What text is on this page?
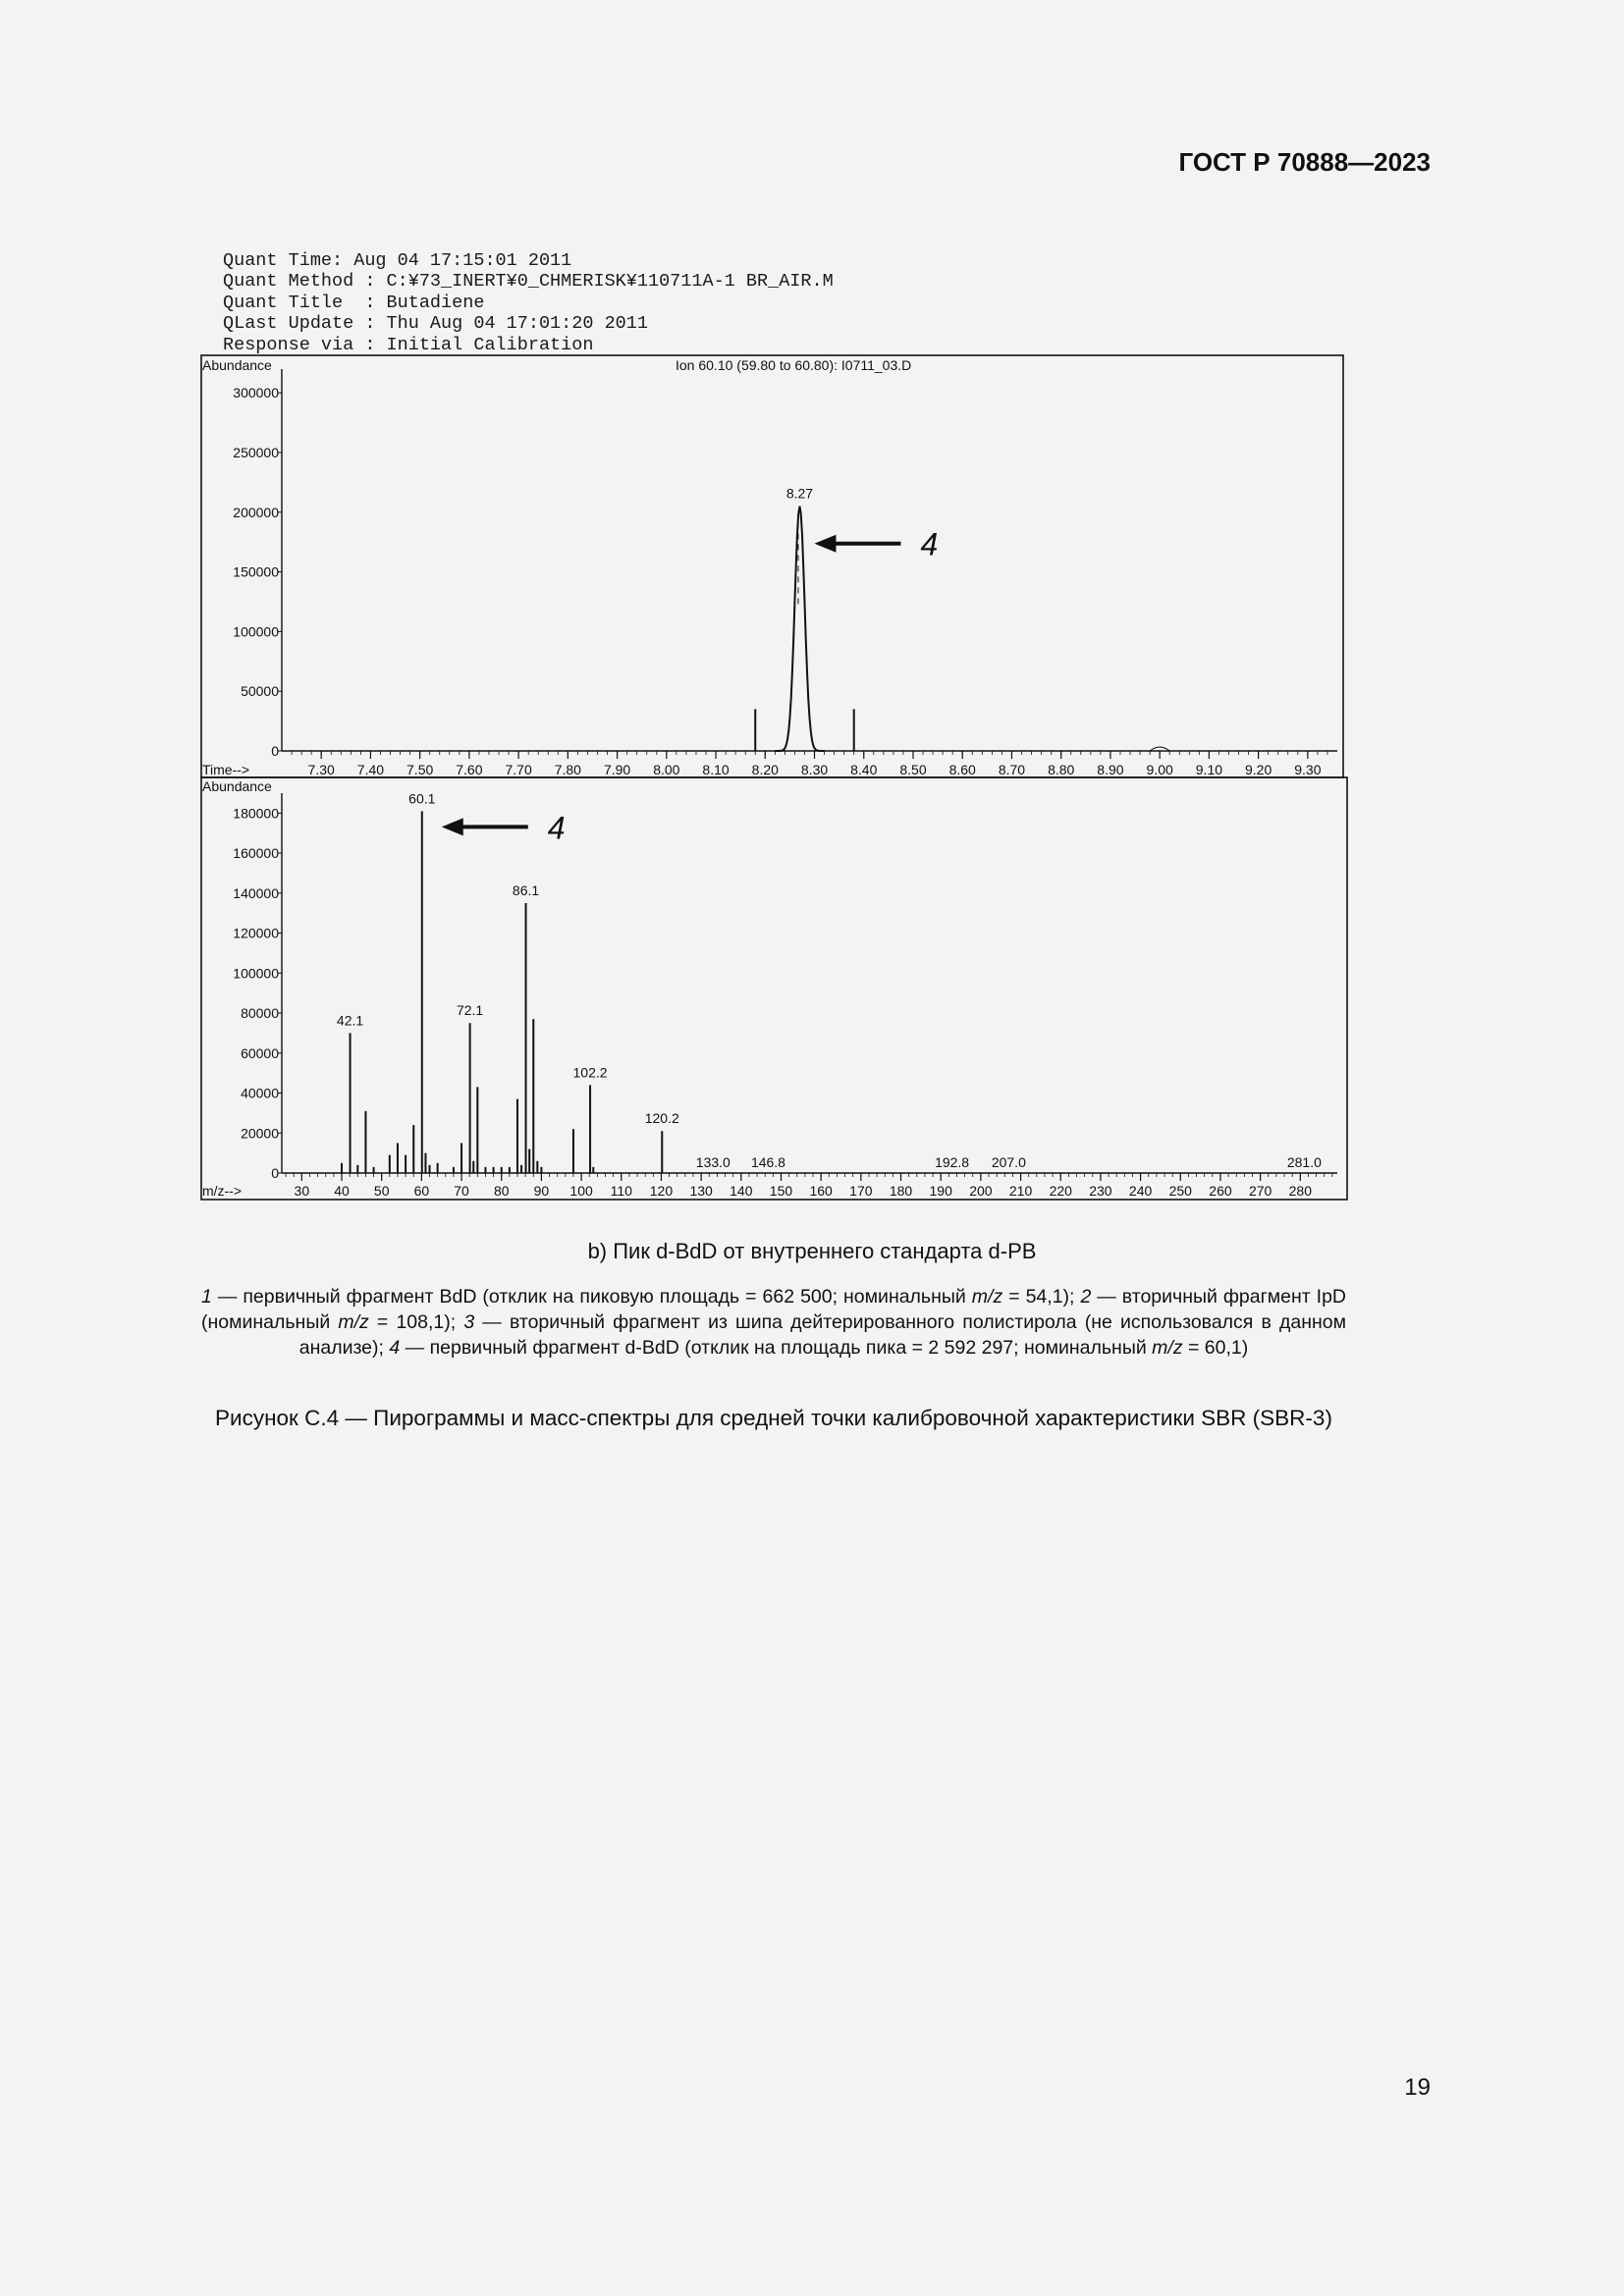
ГОСТ Р 70888—2023

Quant Time: Aug 04 17:15:01 2011
Quant Method : C:¥73_INERT¥0_CHMERISK¥110711A-1 BR_AIR.M
Quant Title  : Butadiene
QLast Update : Thu Aug 04 17:01:20 2011
Response via : Initial Calibration

Abundance	Ion 60.10 (59.80 to 60.80): I0711_03.D
0
50000
100000
150000
200000
250000
300000
7.30 7.40 7.50 7.60 7.70 7.80 7.90 8.00 8.10 8.20 8.30 8.40 8.50 8.60 8.70 8.80 8.90 9.00 9.10 9.20 9.30
Time-->
8.27
4
Abundance
0
20000
40000
60000
80000
100000
120000
140000
160000
180000
30 40 50 60 70 80 90 100 110 120 130 140 150 160 170 180 190 200 210 220 230 240 250 260 270 280
m/z-->
42.1
60.1
72.1
86.1
102.2
120.2
133.0 146.8	192.8 207.0	281.0
4
b) Пик d-BdD от внутреннего стандарта d-PB
1 — первичный фрагмент BdD (отклик на пиковую площадь = 662 500; номинальный m/z = 54,1); 2 — вторичный фрагмент IpD (номинальный m/z = 108,1); 3 — вторичный фрагмент из шипа дейтерированного полистирола (не использовался в данном анализе); 4 — первичный фрагмент d-BdD (отклик на площадь пика = 2 592 297; номинальный m/z = 60,1)
Рисунок С.4 — Пирограммы и масс-спектры для средней точки калибровочной характеристики SBR (SBR-3)
19
